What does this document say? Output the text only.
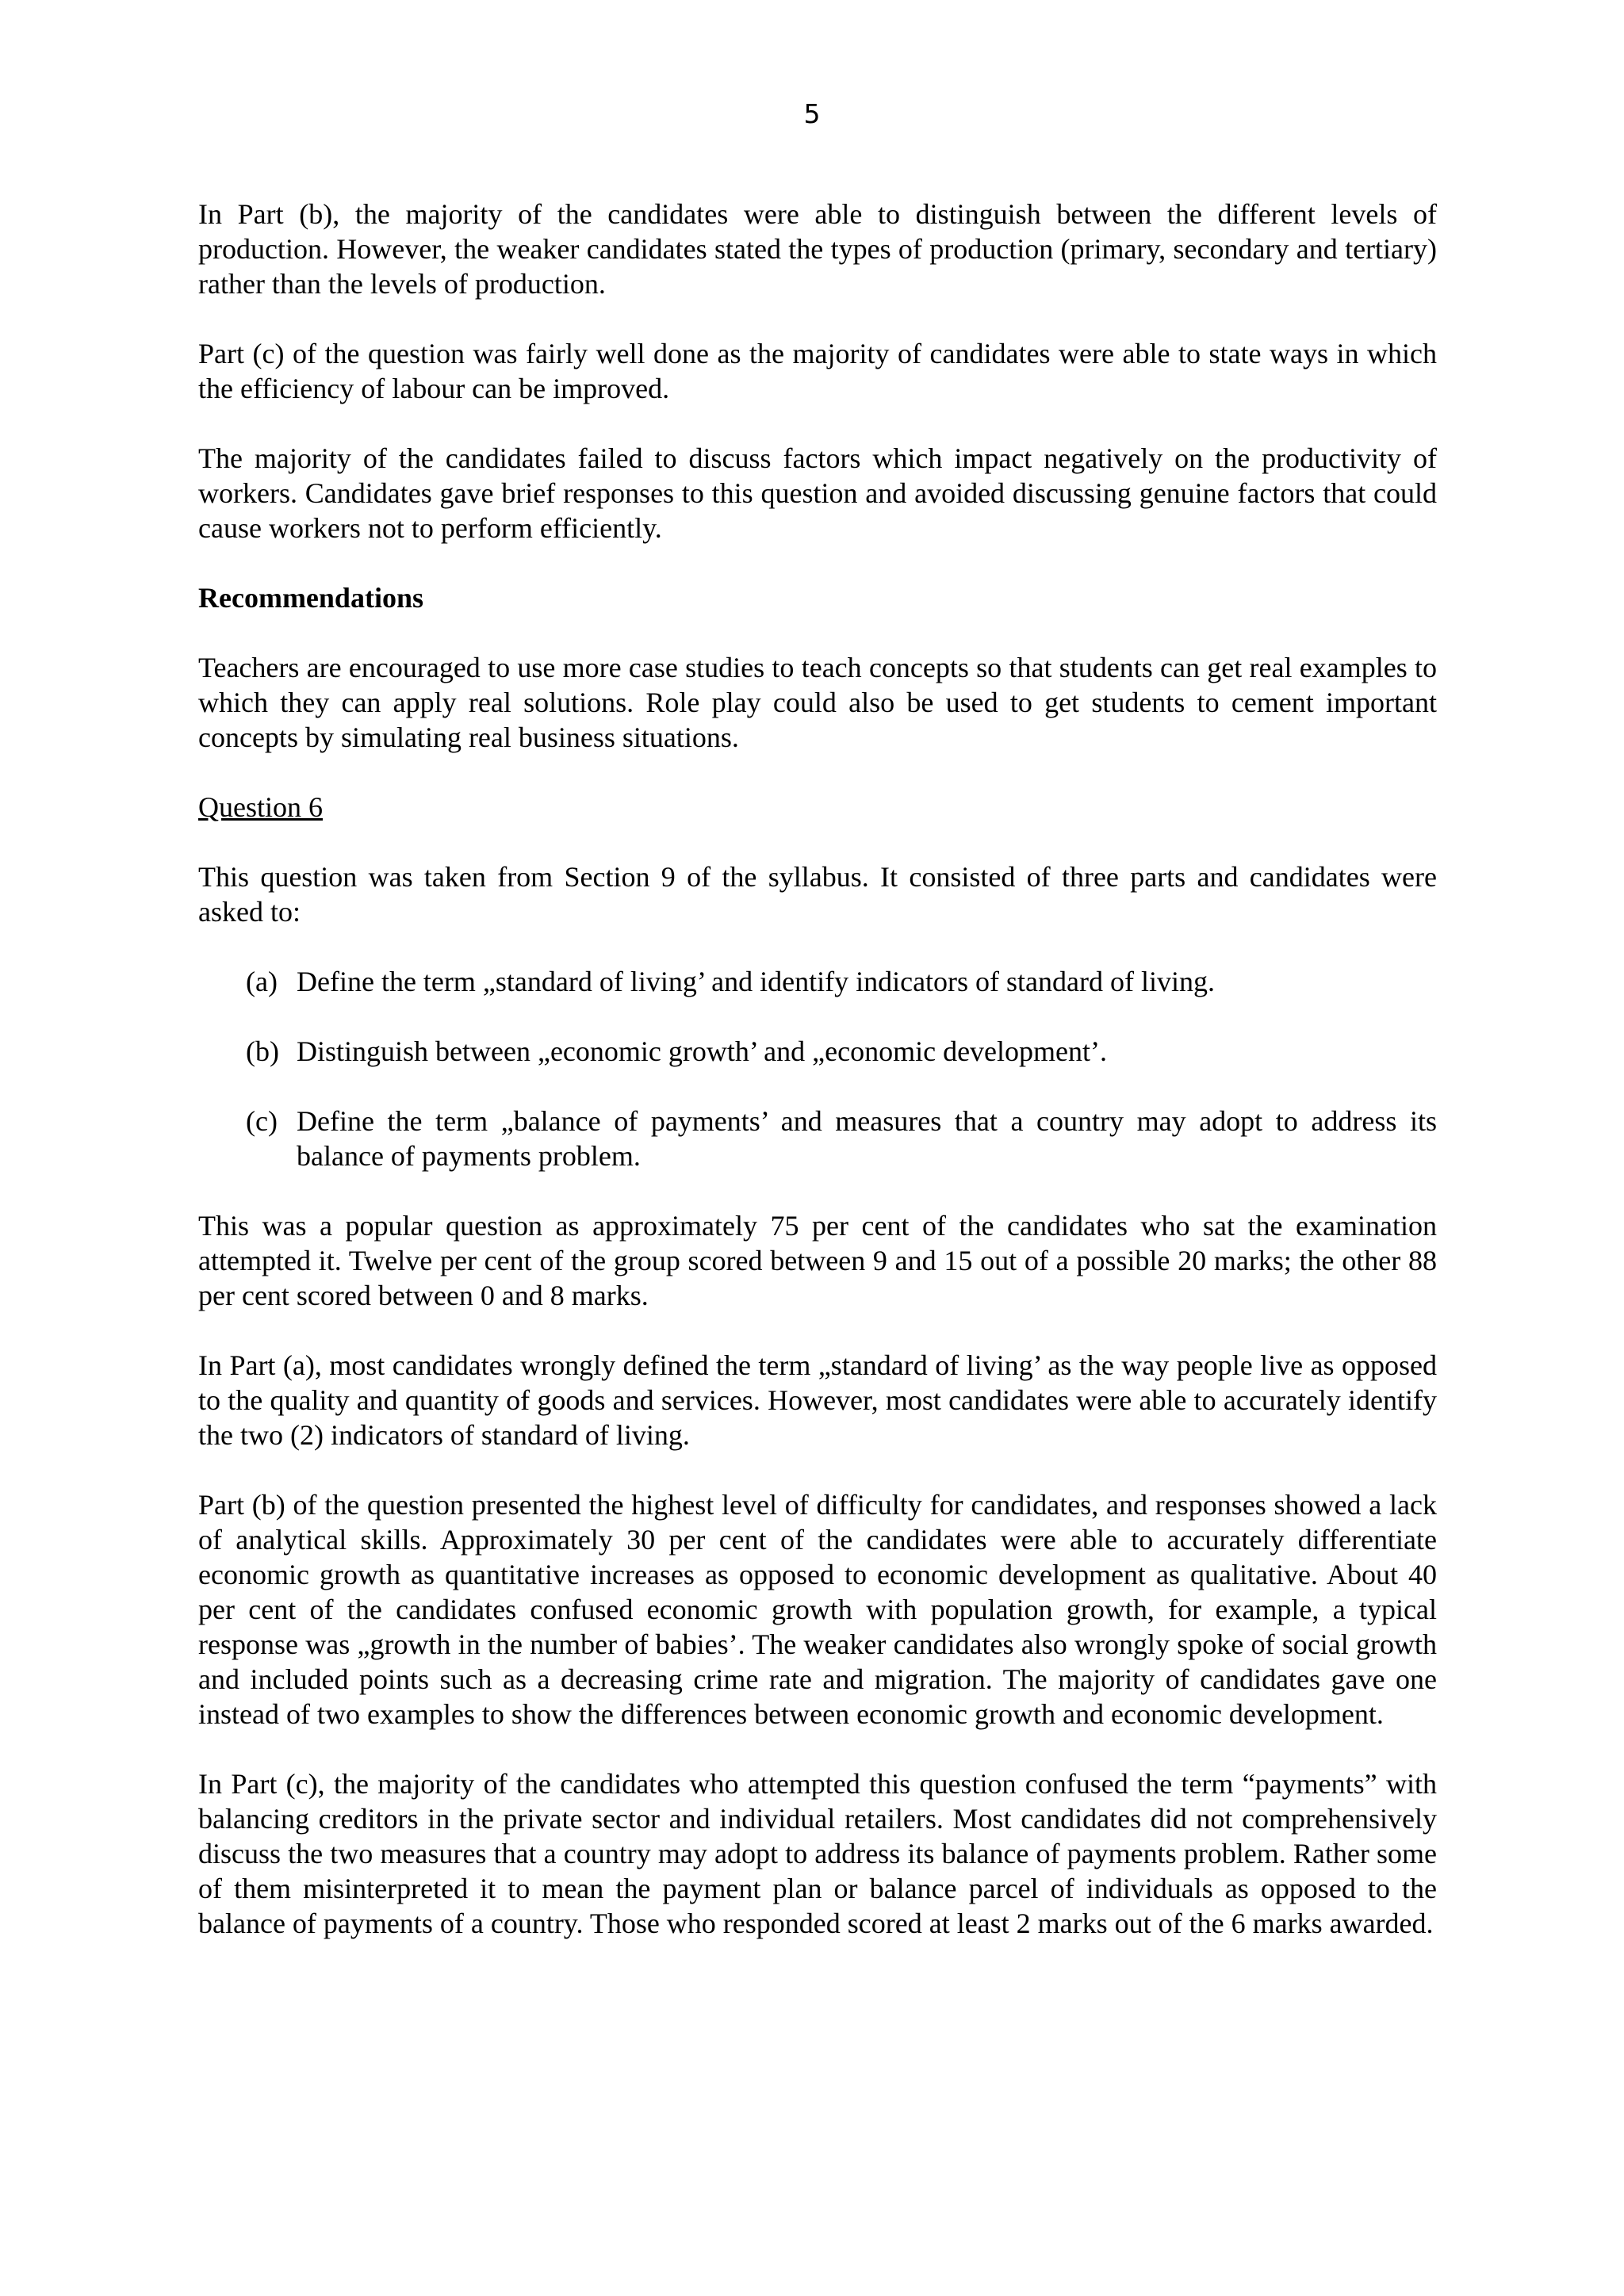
5

In Part (b), the majority of the candidates were able to distinguish between the different levels of production. However, the weaker candidates stated the types of production (primary, secondary and tertiary) rather than the levels of production.

Part (c) of the question was fairly well done as the majority of candidates were able to state ways in which the efficiency of labour can be improved.

The majority of the candidates failed to discuss factors which impact negatively on the productivity of workers. Candidates gave brief responses to this question and avoided discussing genuine factors that could cause workers not to perform efficiently.

Recommendations

Teachers are encouraged to use more case studies to teach concepts so that students can get real examples to which they can apply real solutions. Role play could also be used to get students to cement important concepts by simulating real business situations.

Question 6

This question was taken from Section 9 of the syllabus. It consisted of three parts and candidates were asked to:

(a) Define the term „standard of living’ and identify indicators of standard of living.
(b) Distinguish between „economic growth’ and „economic development’.
(c) Define the term „balance of payments’ and measures that a country may adopt to address its balance of payments problem.

This was a popular question as approximately 75 per cent of the candidates who sat the examination attempted it. Twelve per cent of the group scored between 9 and 15 out of a possible 20 marks; the other 88 per cent scored between 0 and 8 marks.

In Part (a), most candidates wrongly defined the term „standard of living’ as the way people live as opposed to the quality and quantity of goods and services. However, most candidates were able to accurately identify the two (2) indicators of standard of living.

Part (b) of the question presented the highest level of difficulty for candidates, and responses showed a lack of analytical skills. Approximately 30 per cent of the candidates were able to accurately differentiate economic growth as quantitative increases as opposed to economic development as qualitative. About 40 per cent of the candidates confused economic growth with population growth, for example, a typical response was „growth in the number of babies’. The weaker candidates also wrongly spoke of social growth and included points such as a decreasing crime rate and migration. The majority of candidates gave one instead of two examples to show the differences between economic growth and economic development.

In Part (c), the majority of the candidates who attempted this question confused the term “payments” with balancing creditors in the private sector and individual retailers. Most candidates did not comprehensively discuss the two measures that a country may adopt to address its balance of payments problem. Rather some of them misinterpreted it to mean the payment plan or balance parcel of individuals as opposed to the balance of payments of a country. Those who responded scored at least 2 marks out of the 6 marks awarded.
